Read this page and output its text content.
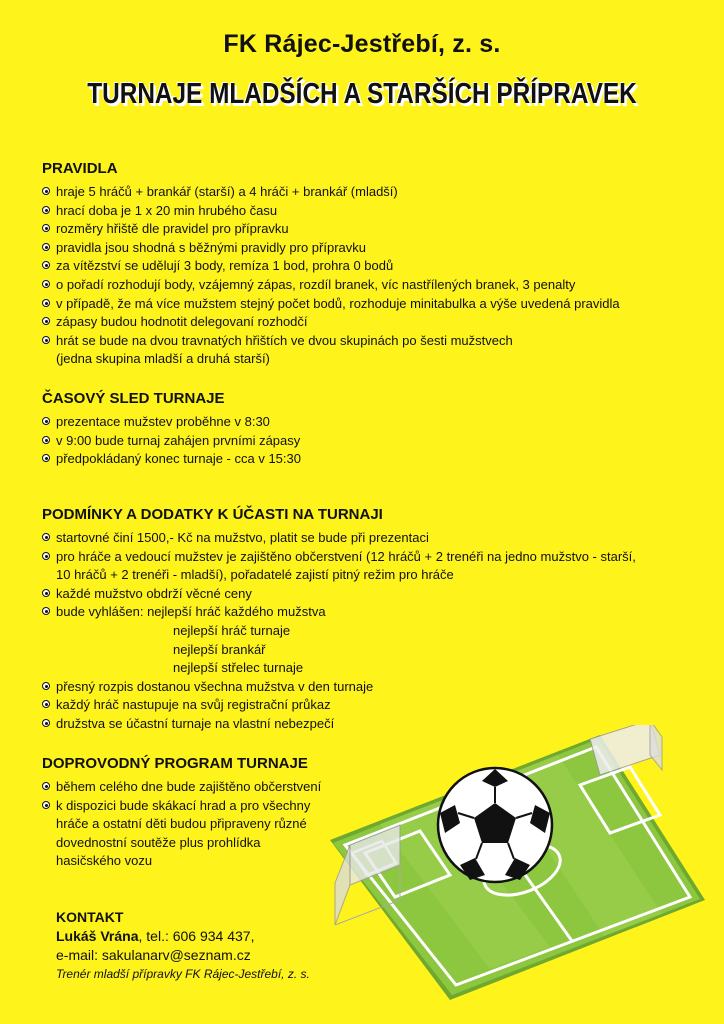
FK Rájec-Jestřebí, z. s.
TURNAJE MLADŠÍCH A STARŠÍCH PŘÍPRAVEK
PRAVIDLA
hraje 5 hráčů + brankář (starší) a 4 hráči + brankář (mladší)
hrací doba je 1 x 20 min hrubého času
rozměry hřiště dle pravidel pro přípravku
pravidla jsou shodná s běžnými pravidly pro přípravku
za vítězství se udělují 3 body, remíza 1 bod, prohra 0 bodů
o pořadí rozhodují body, vzájemný zápas, rozdíl branek, víc nastřílených branek, 3 penalty
v případě, že má více mužstem stejný počet bodů, rozhoduje minitabulka a výše uvedená pravidla
zápasy budou hodnotit delegovaní rozhodčí
hrát se bude na dvou travnatých hřištích ve dvou skupinách po šesti mužstvech
(jedna skupina mladší a druhá starší)
ČASOVÝ SLED TURNAJE
prezentace mužstev proběhne v 8:30
v 9:00 bude turnaj zahájen prvními zápasy
předpokládaný konec turnaje - cca v 15:30
PODMÍNKY A DODATKY K ÚČASTI NA TURNAJI
startovné činí 1500,- Kč na mužstvo, platit se bude při prezentaci
pro hráče a vedoucí mužstev je zajištěno občerstvení (12 hráčů + 2 trenéři na jedno mužstvo - starší,
10 hráčů + 2 trenéři - mladší), pořadatelé zajistí pitný režim pro hráče
každé mužstvo obdrží věcné ceny
bude vyhlášen: nejlepší hráč každého mužstva
nejlepší hráč turnaje
nejlepší brankář
nejlepší střelec turnaje
přesný rozpis dostanou všechna mužstva v den turnaje
každý hráč nastupuje na svůj registrační průkaz
družstva se účastní turnaje na vlastní nebezpečí
DOPROVODNÝ PROGRAM TURNAJE
během celého dne bude zajištěno občerstvení
k dispozici bude skákací hrad a pro všechny
hráče a ostatní děti budou připraveny různé
dovednostní soutěže plus prohlídka
hasičského vozu
KONTAKT
Lukáš Vrána, tel.: 606 934 437,
e-mail: sakulanarv@seznam.cz
Trenér mladší přípravky FK Rájec-Jestřebí, z. s.
